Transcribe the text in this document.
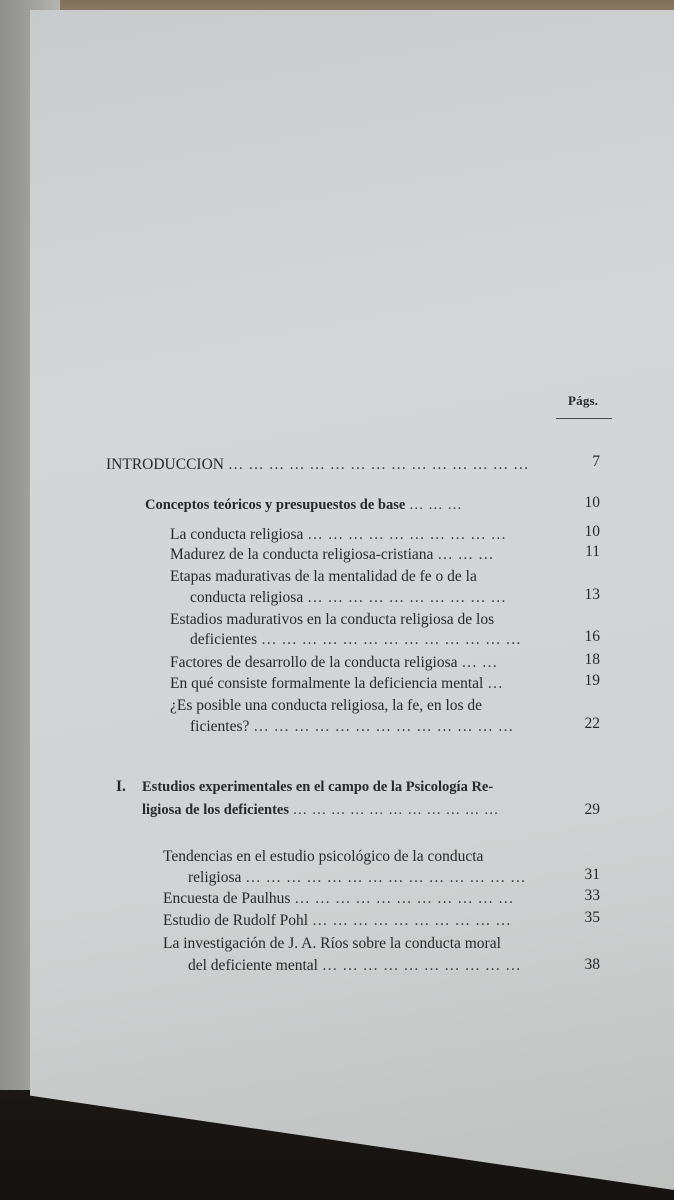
Págs.
INTRODUCCION … … … … … … … … … … … … … … …	7
Conceptos teóricos y presupuestos de base … … …	10
La conducta religiosa … … … … … … … … … …	10
Madurez de la conducta religiosa-cristiana … … …	11
Etapas madurativas de la mentalidad de fe o de la
conducta religiosa … … … … … … … … … …	13
Estadios madurativos en la conducta religiosa de los
deficientes … … … … … … … … … … … … …	16
Factores de desarrollo de la conducta religiosa … …	18
En qué consiste formalmente la deficiencia mental …	19
¿Es posible una conducta religiosa, la fe, en los de
ficientes? … … … … … … … … … … … … …	22
I. Estudios experimentales en el campo de la Psicología Re-
ligiosa de los deficientes … … … … … … … … … … …	29
Tendencias en el estudio psicológico de la conducta
religiosa … … … … … … … … … … … … … …	31
Encuesta de Paulhus … … … … … … … … … … …	33
Estudio de Rudolf Pohl … … … … … … … … … …	35
La investigación de J. A. Ríos sobre la conducta moral
del deficiente mental … … … … … … … … … …	38
